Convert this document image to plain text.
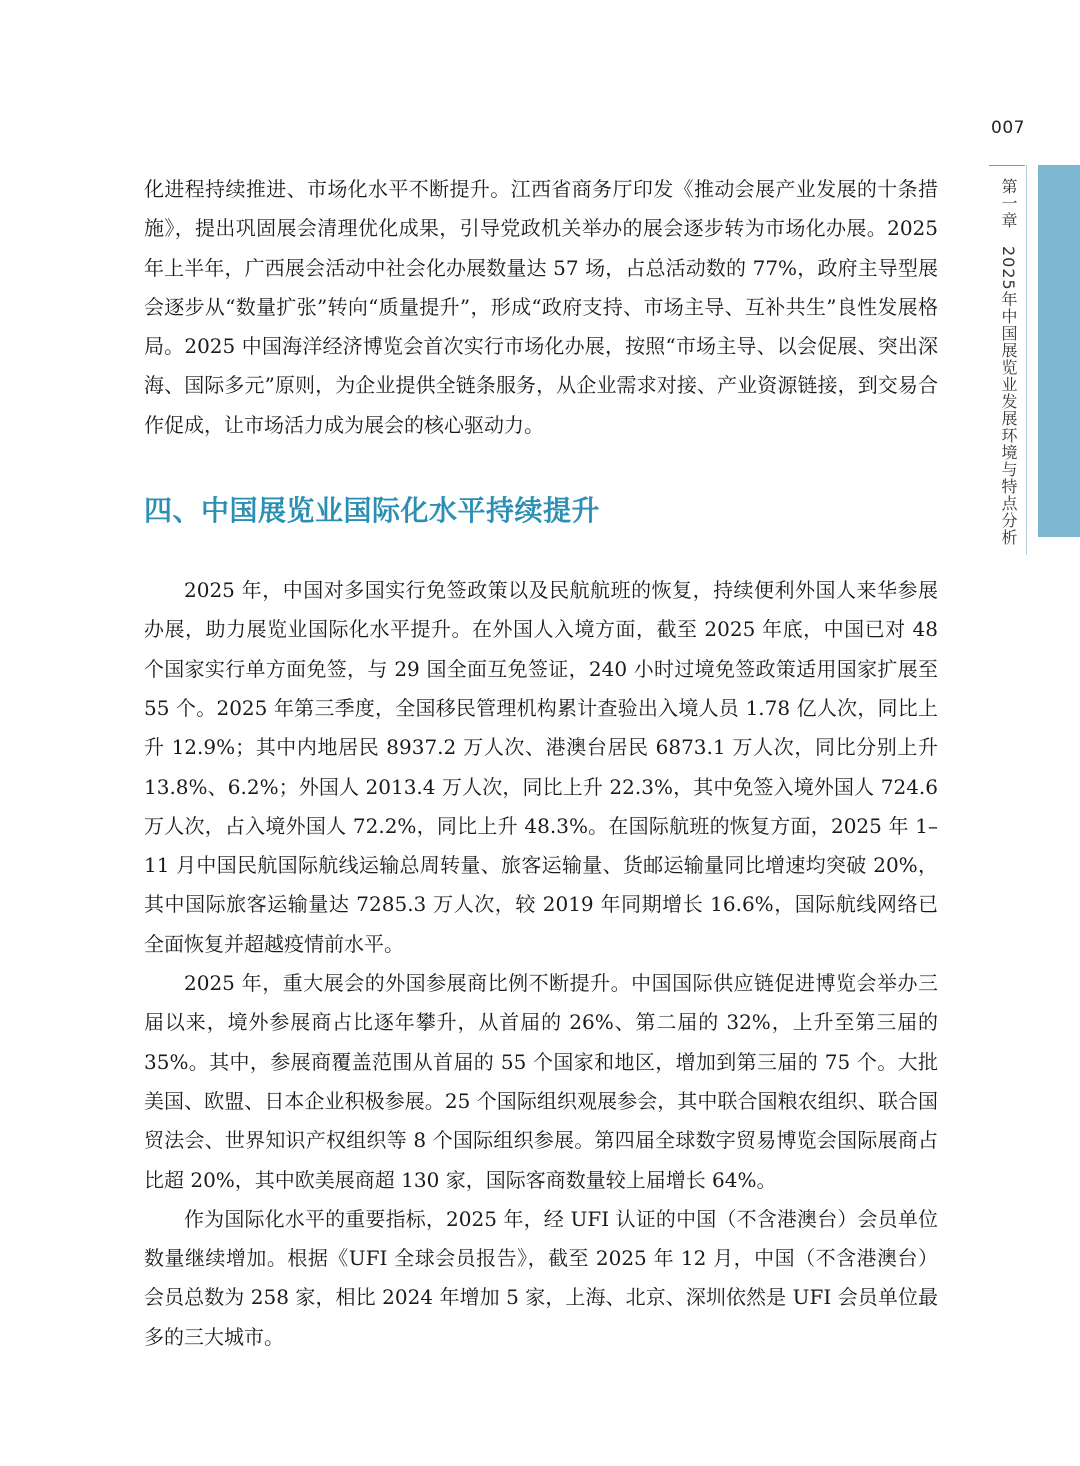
007
第一章　2025年中国展览业发展环境与特点分析

化进程持续推进、市场化水平不断提升。江西省商务厅印发《推动会展产业发展的十条措施》，提出巩固展会清理优化成果，引导党政机关举办的展会逐步转为市场化办展。2025 年上半年，广西展会活动中社会化办展数量达 57 场，占总活动数的 77%，政府主导型展会逐步从“数量扩张”转向“质量提升”，形成“政府支持、市场主导、互补共生”良性发展格局。2025 中国海洋经济博览会首次实行市场化办展，按照“市场主导、以会促展、突出深海、国际多元”原则，为企业提供全链条服务，从企业需求对接、产业资源链接，到交易合作促成，让市场活力成为展会的核心驱动力。

四、中国展览业国际化水平持续提升

2025 年，中国对多国实行免签政策以及民航航班的恢复，持续便利外国人来华参展办展，助力展览业国际化水平提升。在外国人入境方面，截至 2025 年底，中国已对 48 个国家实行单方面免签，与 29 国全面互免签证，240 小时过境免签政策适用国家扩展至 55 个。2025 年第三季度，全国移民管理机构累计查验出入境人员 1.78 亿人次，同比上升 12.9%；其中内地居民 8937.2 万人次、港澳台居民 6873.1 万人次，同比分别上升 13.8%、6.2%；外国人 2013.4 万人次，同比上升 22.3%，其中免签入境外国人 724.6 万人次，占入境外国人 72.2%，同比上升 48.3%。在国际航班的恢复方面，2025 年 1–11 月中国民航国际航线运输总周转量、旅客运输量、货邮运输量同比增速均突破 20%，其中国际旅客运输量达 7285.3 万人次，较 2019 年同期增长 16.6%，国际航线网络已全面恢复并超越疫情前水平。

2025 年，重大展会的外国参展商比例不断提升。中国国际供应链促进博览会举办三届以来，境外参展商占比逐年攀升，从首届的 26%、第二届的 32%，上升至第三届的 35%。其中，参展商覆盖范围从首届的 55 个国家和地区，增加到第三届的 75 个。大批美国、欧盟、日本企业积极参展。25 个国际组织观展参会，其中联合国粮农组织、联合国贸法会、世界知识产权组织等 8 个国际组织参展。第四届全球数字贸易博览会国际展商占比超 20%，其中欧美展商超 130 家，国际客商数量较上届增长 64%。

作为国际化水平的重要指标，2025 年，经 UFI 认证的中国（不含港澳台）会员单位数量继续增加。根据《UFI 全球会员报告》，截至 2025 年 12 月，中国（不含港澳台）会员总数为 258 家，相比 2024 年增加 5 家，上海、北京、深圳依然是 UFI 会员单位最多的三大城市。
